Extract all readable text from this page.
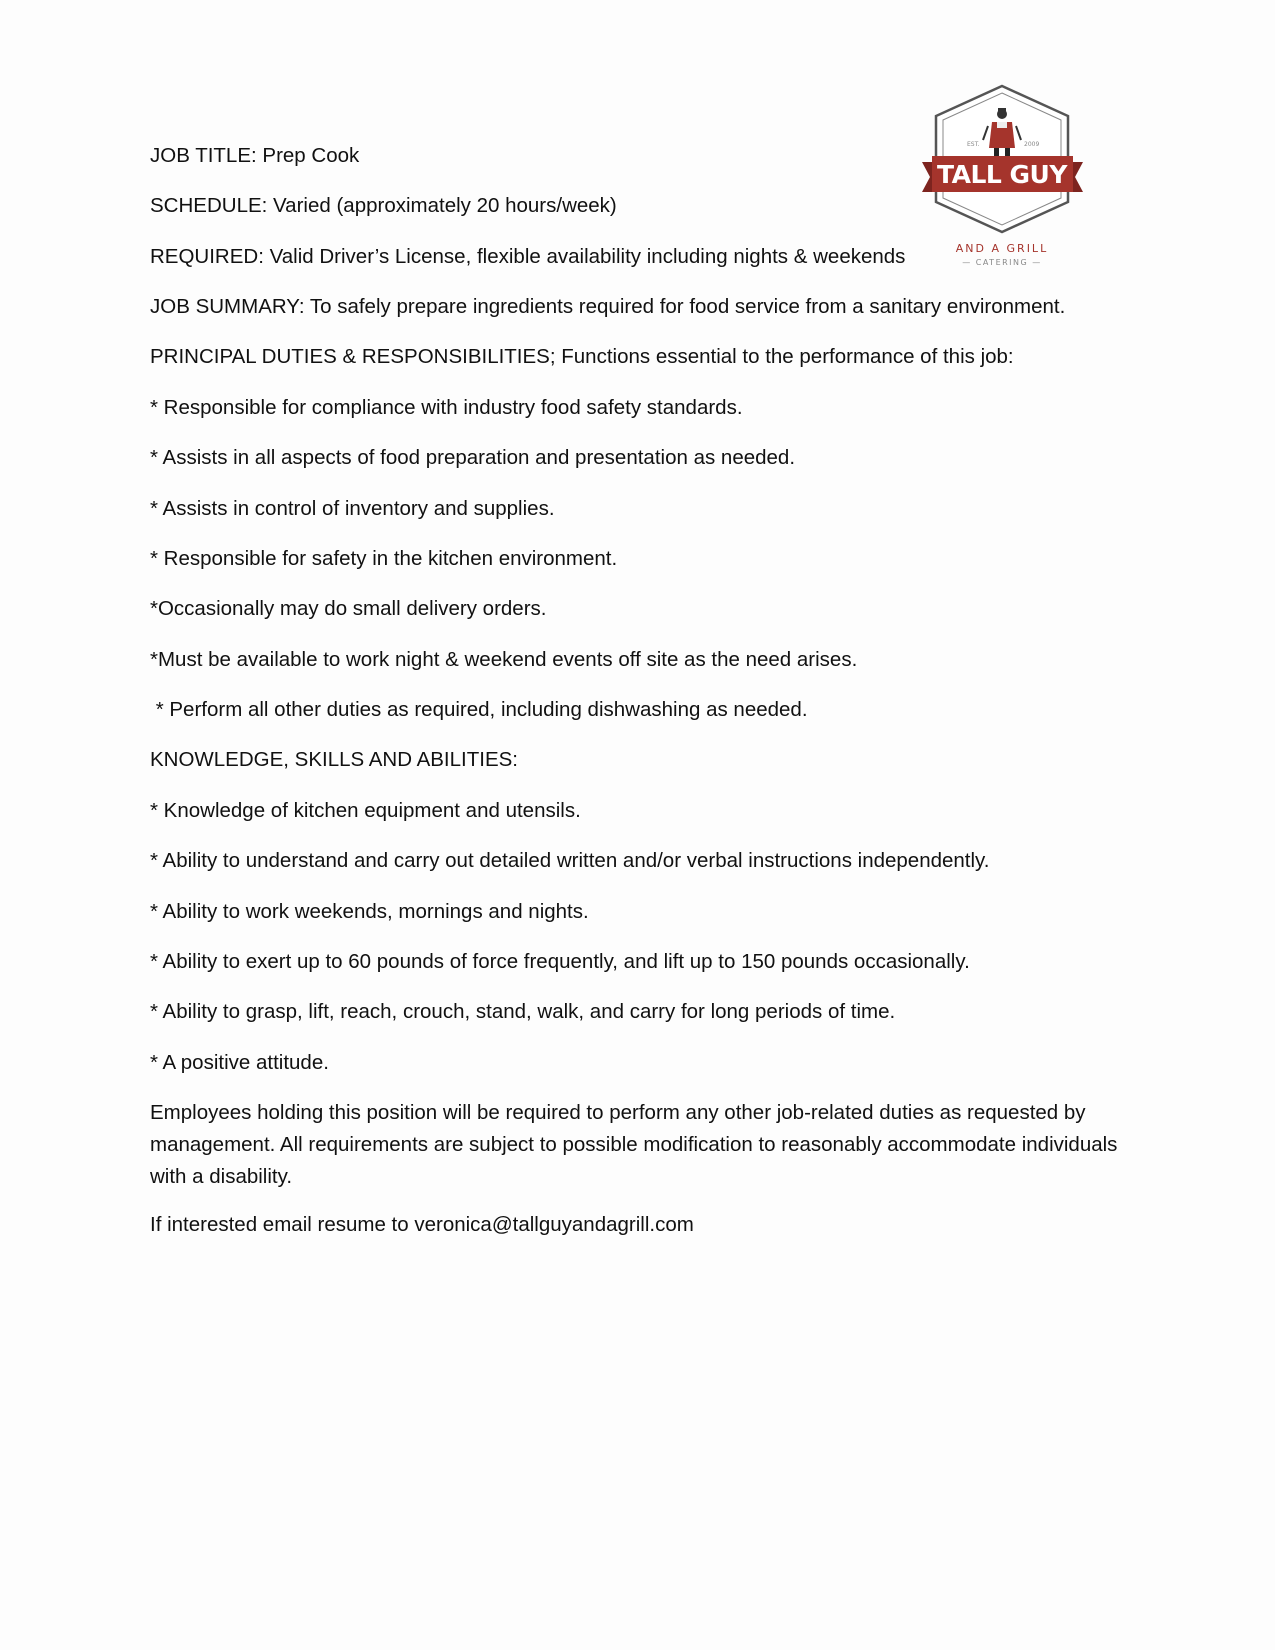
EST.	2009
TALL GUY
AND A GRILL
— CATERING —

JOB TITLE: Prep Cook

SCHEDULE: Varied (approximately 20 hours/week)

REQUIRED: Valid Driver’s License, flexible availability including nights & weekends

JOB SUMMARY: To safely prepare ingredients required for food service from a sanitary environment.

PRINCIPAL DUTIES & RESPONSIBILITIES; Functions essential to the performance of this job:

* Responsible for compliance with industry food safety standards.

* Assists in all aspects of food preparation and presentation as needed.

* Assists in control of inventory and supplies.

* Responsible for safety in the kitchen environment.

*Occasionally may do small delivery orders.

*Must be available to work night & weekend events off site as the need arises.

* Perform all other duties as required, including dishwashing as needed.

KNOWLEDGE, SKILLS AND ABILITIES:

* Knowledge of kitchen equipment and utensils.

* Ability to understand and carry out detailed written and/or verbal instructions independently.

* Ability to work weekends, mornings and nights.

* Ability to exert up to 60 pounds of force frequently, and lift up to 150 pounds occasionally.

* Ability to grasp, lift, reach, crouch, stand, walk, and carry for long periods of time.

* A positive attitude.

Employees holding this position will be required to perform any other job-related duties as requested by management. All requirements are subject to possible modification to reasonably accommodate individuals with a disability.

If interested email resume to veronica@tallguyandagrill.com
